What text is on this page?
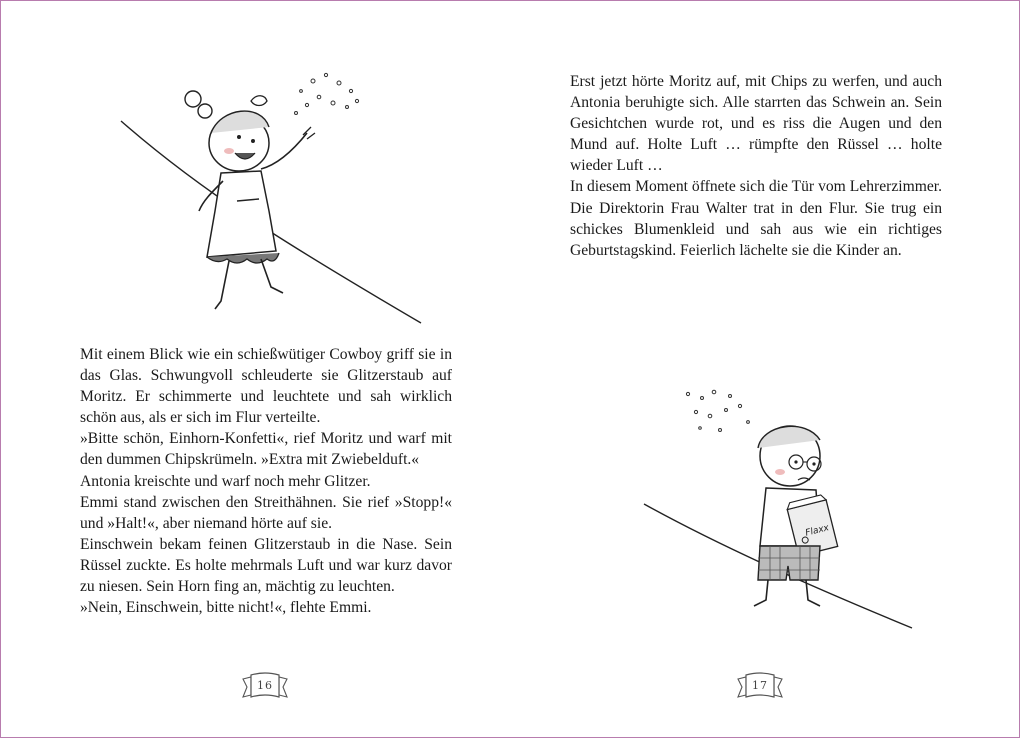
Mit einem Blick wie ein schießwütiger Cowboy griff sie in das Glas. Schwungvoll schleuderte sie Glitzerstaub auf Moritz. Er schimmerte und leuchtete und sah wirklich schön aus, als er sich im Flur verteilte.

»Bitte schön, Einhorn-Konfetti«, rief Moritz und warf mit den dummen Chipskrümeln. »Extra mit Zwiebelduft.«

Antonia kreischte und warf noch mehr Glitzer.

Emmi stand zwischen den Streithähnen. Sie rief »Stopp!« und »Halt!«, aber niemand hörte auf sie.

Einschwein bekam feinen Glitzerstaub in die Nase. Sein Rüssel zuckte. Es holte mehrmals Luft und war kurz davor zu niesen. Sein Horn fing an, mächtig zu leuchten.

»Nein, Einschwein, bitte nicht!«, flehte Emmi.

16

Erst jetzt hörte Moritz auf, mit Chips zu werfen, und auch Antonia beruhigte sich. Alle starrten das Schwein an. Sein Gesichtchen wurde rot, und es riss die Augen und den Mund auf. Holte Luft … rümpfte den Rüssel … holte wieder Luft …

In diesem Moment öffnete sich die Tür vom Lehrerzimmer. Die Direktorin Frau Walter trat in den Flur. Sie trug ein schickes Blumenkleid und sah aus wie ein richtiges Geburtstagskind. Feierlich lächelte sie die Kinder an.

Flaxx
17
